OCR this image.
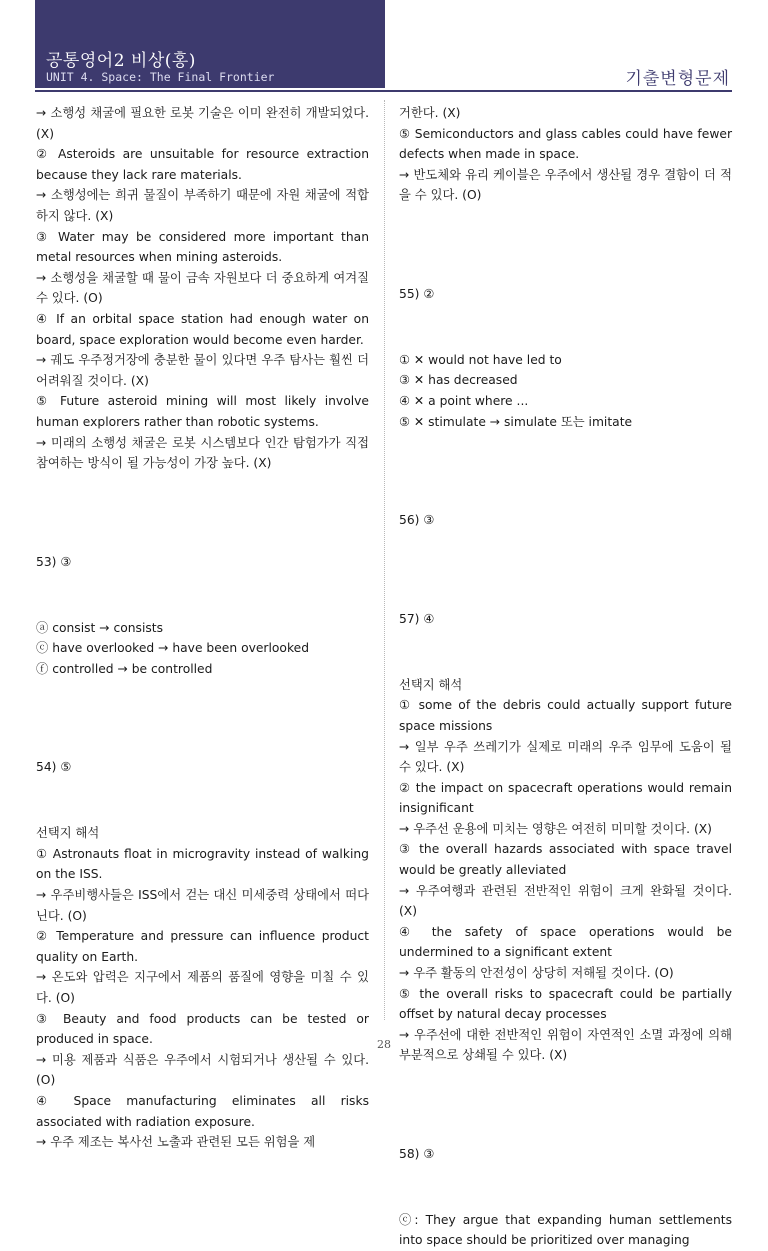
공통영어2 비상(홍)
UNIT 4. Space: The Final Frontier	기출변형문제

→ 소행성 채굴에 필요한 로봇 기술은 이미 완전히 개발되었다. (X)

② Asteroids are unsuitable for resource extraction because they lack rare materials.

→ 소행성에는 희귀 물질이 부족하기 때문에 자원 채굴에 적합하지 않다. (X)

③ Water may be considered more important than metal resources when mining asteroids.

→ 소행성을 채굴할 때 물이 금속 자원보다 더 중요하게 여겨질 수 있다. (O)

④ If an orbital space station had enough water on board, space exploration would become even harder.

→ 궤도 우주정거장에 충분한 물이 있다면 우주 탐사는 훨씬 더 어려워질 것이다. (X)

⑤ Future asteroid mining will most likely involve human explorers rather than robotic systems.

→ 미래의 소행성 채굴은 로봇 시스템보다 인간 탐험가가 직접 참여하는 방식이 될 가능성이 가장 높다. (X)

53) ③

ⓐ consist → consists

ⓒ have overlooked → have been overlooked

ⓕ controlled → be controlled

54) ⑤

선택지 해석

① Astronauts float in microgravity instead of walking on the ISS.

→ 우주비행사들은 ISS에서 걷는 대신 미세중력 상태에서 떠다닌다. (O)

② Temperature and pressure can influence product quality on Earth.

→ 온도와 압력은 지구에서 제품의 품질에 영향을 미칠 수 있다. (O)

③ Beauty and food products can be tested or produced in space.

→ 미용 제품과 식품은 우주에서 시험되거나 생산될 수 있다. (O)

④ Space manufacturing eliminates all risks associated with radiation exposure.

→ 우주 제조는 복사선 노출과 관련된 모든 위험을 제

거한다. (X)

⑤ Semiconductors and glass cables could have fewer defects when made in space.

→ 반도체와 유리 케이블은 우주에서 생산될 경우 결함이 더 적을 수 있다. (O)

55) ②

① ✕ would not have led to

③ ✕ has decreased

④ ✕ a point where ...

⑤ ✕ stimulate → simulate 또는 imitate

56) ③

57) ④

선택지 해석

① some of the debris could actually support future space missions

→ 일부 우주 쓰레기가 실제로 미래의 우주 임무에 도움이 될 수 있다. (X)

② the impact on spacecraft operations would remain insignificant

→ 우주선 운용에 미치는 영향은 여전히 미미할 것이다. (X)

③ the overall hazards associated with space travel would be greatly alleviated

→ 우주여행과 관련된 전반적인 위험이 크게 완화될 것이다. (X)

④ the safety of space operations would be undermined to a significant extent

→ 우주 활동의 안전성이 상당히 저해될 것이다. (O)

⑤ the overall risks to spacecraft could be partially offset by natural decay processes

→ 우주선에 대한 전반적인 위험이 자연적인 소멸 과정에 의해 부분적으로 상쇄될 수 있다. (X)

58) ③

ⓒ: They argue that expanding human settlements into space should be prioritized over managing

28
